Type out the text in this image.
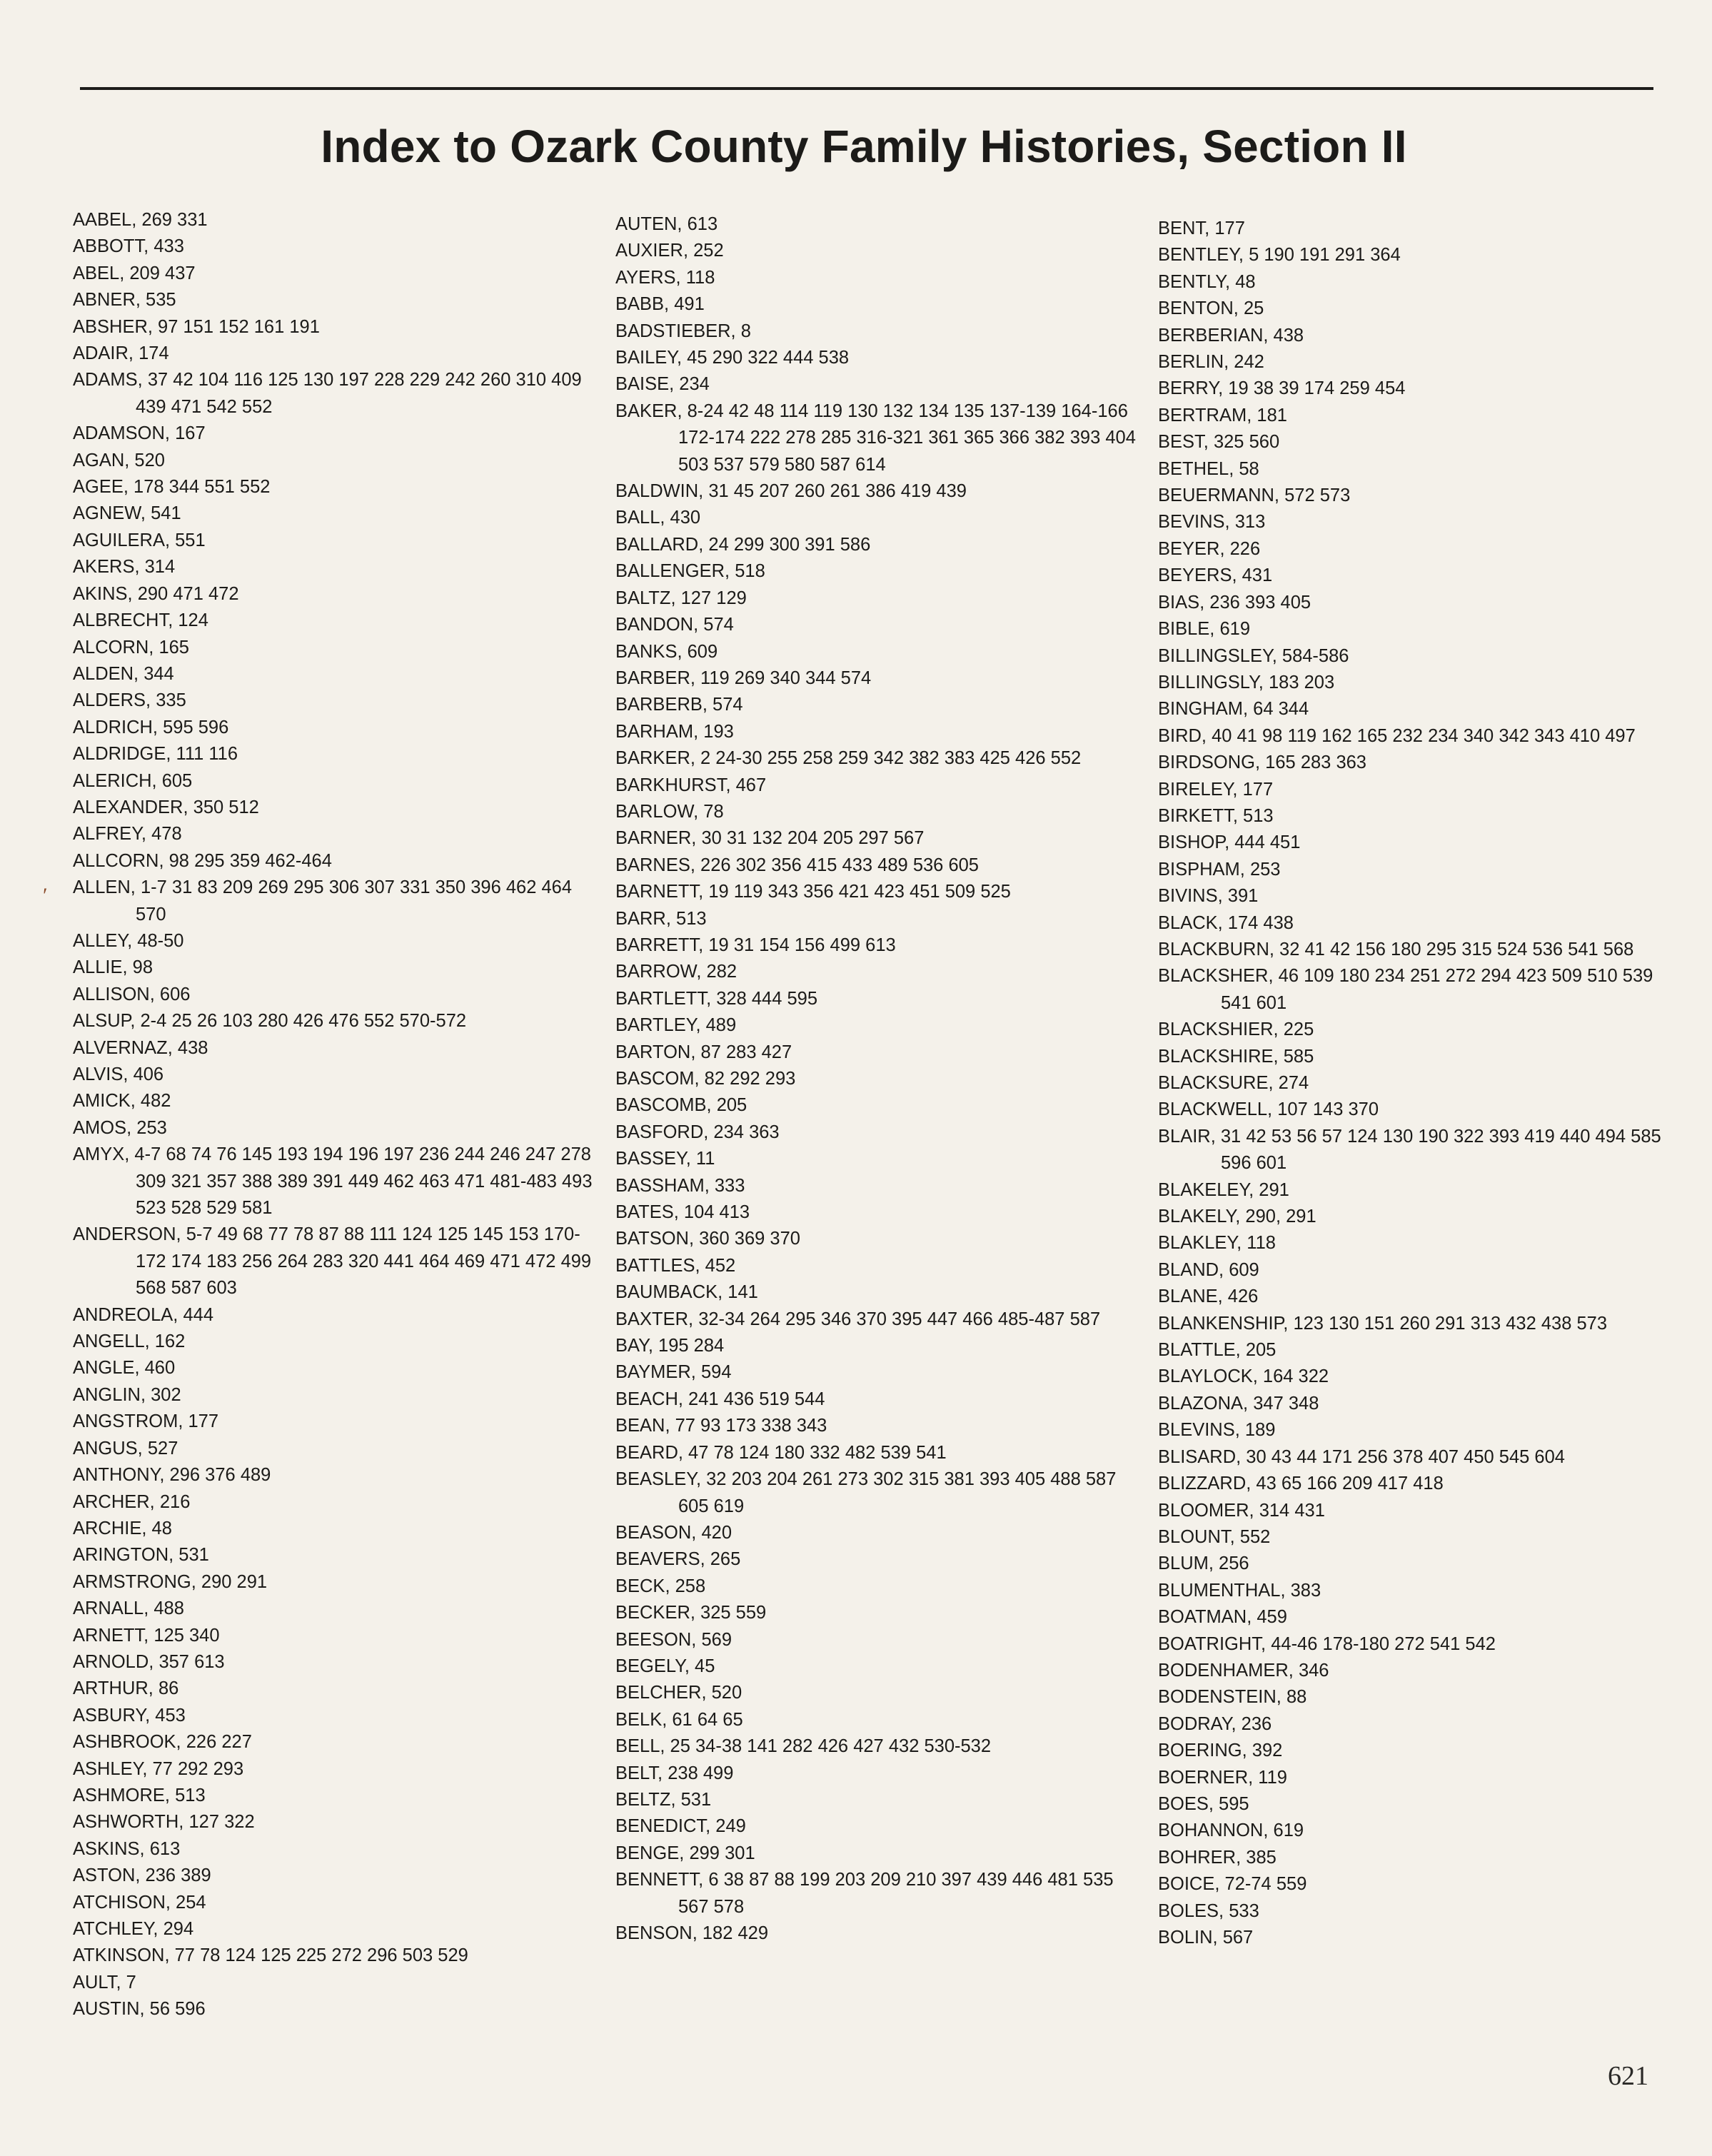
Index to Ozark County Family Histories, Section II
′
AABEL, 269 331
ABBOTT, 433
ABEL, 209 437
ABNER, 535
ABSHER, 97 151 152 161 191
ADAIR, 174
ADAMS, 37 42 104 116 125 130 197 228 229 242 260 310 409 439 471 542 552
ADAMSON, 167
AGAN, 520
AGEE, 178 344 551 552
AGNEW, 541
AGUILERA, 551
AKERS, 314
AKINS, 290 471 472
ALBRECHT, 124
ALCORN, 165
ALDEN, 344
ALDERS, 335
ALDRICH, 595 596
ALDRIDGE, 111 116
ALERICH, 605
ALEXANDER, 350 512
ALFREY, 478
ALLCORN, 98 295 359 462-464
ALLEN, 1-7 31 83 209 269 295 306 307 331 350 396 462 464 570
ALLEY, 48-50
ALLIE, 98
ALLISON, 606
ALSUP, 2-4 25 26 103 280 426 476 552 570-572
ALVERNAZ, 438
ALVIS, 406
AMICK, 482
AMOS, 253
AMYX, 4-7 68 74 76 145 193 194 196 197 236 244 246 247 278 309 321 357 388 389 391 449 462 463 471 481-483 493 523 528 529 581
ANDERSON, 5-7 49 68 77 78 87 88 111 124 125 145 153 170-172 174 183 256 264 283 320 441 464 469 471 472 499 568 587 603
ANDREOLA, 444
ANGELL, 162
ANGLE, 460
ANGLIN, 302
ANGSTROM, 177
ANGUS, 527
ANTHONY, 296 376 489
ARCHER, 216
ARCHIE, 48
ARINGTON, 531
ARMSTRONG, 290 291
ARNALL, 488
ARNETT, 125 340
ARNOLD, 357 613
ARTHUR, 86
ASBURY, 453
ASHBROOK, 226 227
ASHLEY, 77 292 293
ASHMORE, 513
ASHWORTH, 127 322
ASKINS, 613
ASTON, 236 389
ATCHISON, 254
ATCHLEY, 294
ATKINSON, 77 78 124 125 225 272 296 503 529
AULT, 7
AUSTIN, 56 596
AUTEN, 613
AUXIER, 252
AYERS, 118
BABB, 491
BADSTIEBER, 8
BAILEY, 45 290 322 444 538
BAISE, 234
BAKER, 8-24 42 48 114 119 130 132 134 135 137-139 164-166 172-174 222 278 285 316-321 361 365 366 382 393 404 503 537 579 580 587 614
BALDWIN, 31 45 207 260 261 386 419 439
BALL, 430
BALLARD, 24 299 300 391 586
BALLENGER, 518
BALTZ, 127 129
BANDON, 574
BANKS, 609
BARBER, 119 269 340 344 574
BARBERB, 574
BARHAM, 193
BARKER, 2 24-30 255 258 259 342 382 383 425 426 552
BARKHURST, 467
BARLOW, 78
BARNER, 30 31 132 204 205 297 567
BARNES, 226 302 356 415 433 489 536 605
BARNETT, 19 119 343 356 421 423 451 509 525
BARR, 513
BARRETT, 19 31 154 156 499 613
BARROW, 282
BARTLETT, 328 444 595
BARTLEY, 489
BARTON, 87 283 427
BASCOM, 82 292 293
BASCOMB, 205
BASFORD, 234 363
BASSEY, 11
BASSHAM, 333
BATES, 104 413
BATSON, 360 369 370
BATTLES, 452
BAUMBACK, 141
BAXTER, 32-34 264 295 346 370 395 447 466 485-487 587
BAY, 195 284
BAYMER, 594
BEACH, 241 436 519 544
BEAN, 77 93 173 338 343
BEARD, 47 78 124 180 332 482 539 541
BEASLEY, 32 203 204 261 273 302 315 381 393 405 488 587 605 619
BEASON, 420
BEAVERS, 265
BECK, 258
BECKER, 325 559
BEESON, 569
BEGELY, 45
BELCHER, 520
BELK, 61 64 65
BELL, 25 34-38 141 282 426 427 432 530-532
BELT, 238 499
BELTZ, 531
BENEDICT, 249
BENGE, 299 301
BENNETT, 6 38 87 88 199 203 209 210 397 439 446 481 535 567 578
BENSON, 182 429
BENT, 177
BENTLEY, 5 190 191 291 364
BENTLY, 48
BENTON, 25
BERBERIAN, 438
BERLIN, 242
BERRY, 19 38 39 174 259 454
BERTRAM, 181
BEST, 325 560
BETHEL, 58
BEUERMANN, 572 573
BEVINS, 313
BEYER, 226
BEYERS, 431
BIAS, 236 393 405
BIBLE, 619
BILLINGSLEY, 584-586
BILLINGSLY, 183 203
BINGHAM, 64 344
BIRD, 40 41 98 119 162 165 232 234 340 342 343 410 497
BIRDSONG, 165 283 363
BIRELEY, 177
BIRKETT, 513
BISHOP, 444 451
BISPHAM, 253
BIVINS, 391
BLACK, 174 438
BLACKBURN, 32 41 42 156 180 295 315 524 536 541 568
BLACKSHER, 46 109 180 234 251 272 294 423 509 510 539 541 601
BLACKSHIER, 225
BLACKSHIRE, 585
BLACKSURE, 274
BLACKWELL, 107 143 370
BLAIR, 31 42 53 56 57 124 130 190 322 393 419 440 494 585 596 601
BLAKELEY, 291
BLAKELY, 290, 291
BLAKLEY, 118
BLAND, 609
BLANE, 426
BLANKENSHIP, 123 130 151 260 291 313 432 438 573
BLATTLE, 205
BLAYLOCK, 164 322
BLAZONA, 347 348
BLEVINS, 189
BLISARD, 30 43 44 171 256 378 407 450 545 604
BLIZZARD, 43 65 166 209 417 418
BLOOMER, 314 431
BLOUNT, 552
BLUM, 256
BLUMENTHAL, 383
BOATMAN, 459
BOATRIGHT, 44-46 178-180 272 541 542
BODENHAMER, 346
BODENSTEIN, 88
BODRAY, 236
BOERING, 392
BOERNER, 119
BOES, 595
BOHANNON, 619
BOHRER, 385
BOICE, 72-74 559
BOLES, 533
BOLIN, 567
621
